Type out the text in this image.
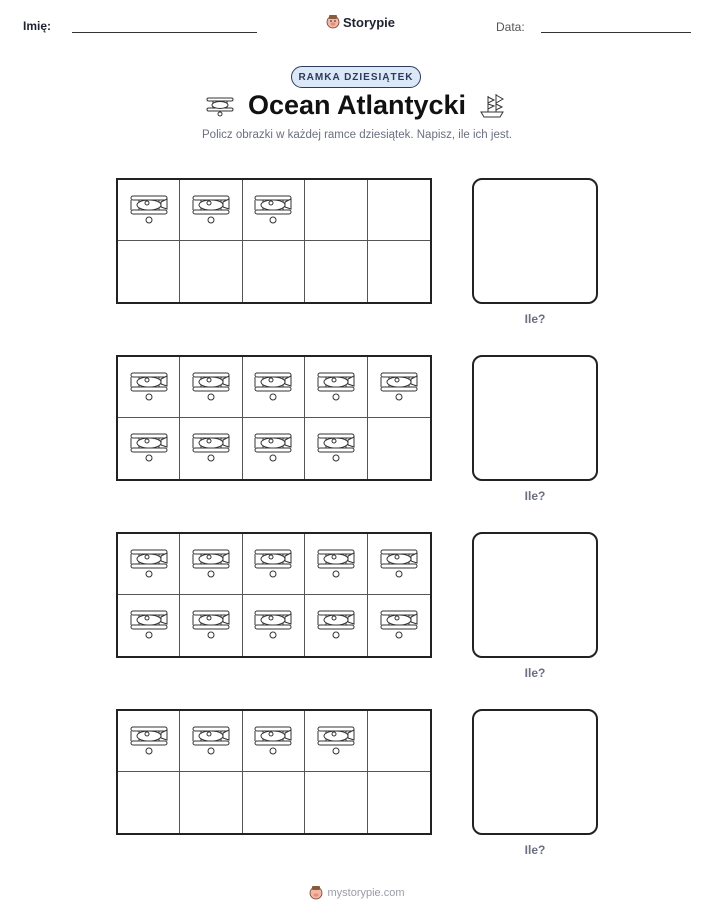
Imię:	Storypie	Data:
RAMKA DZIESIĄTEK
Ocean Atlantycki
Policz obrazki w każdej ramce dziesiątek. Napisz, ile ich jest.
Ile?
Ile?
Ile?
Ile?
mystorypie.com
